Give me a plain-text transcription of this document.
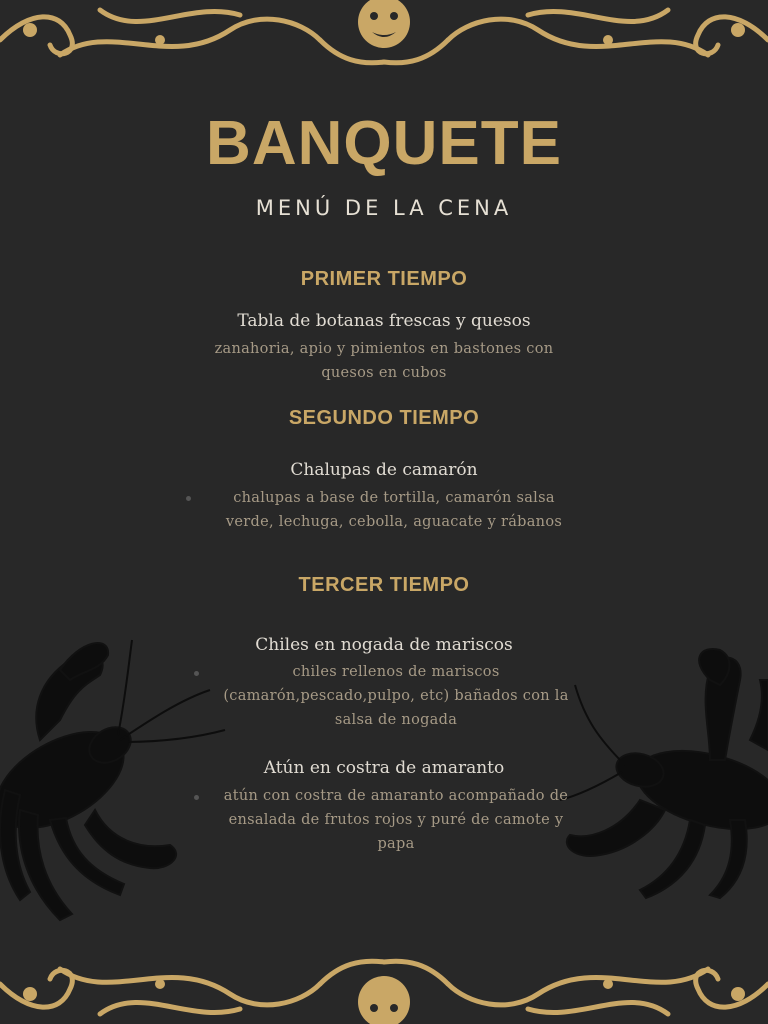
BANQUETE
MENÚ DE LA CENA
PRIMER TIEMPO
Tabla de botanas frescas y quesos
zanahoria, apio y pimientos en bastones con
quesos en cubos
SEGUNDO TIEMPO
Chalupas de camarón
chalupas a base de tortilla, camarón salsa
verde, lechuga, cebolla, aguacate y rábanos
TERCER TIEMPO
Chiles en nogada de mariscos
chiles rellenos de mariscos
(camarón,pescado,pulpo, etc) bañados con la
salsa de nogada
Atún en costra de amaranto
atún con costra de amaranto acompañado de
ensalada de frutos rojos y puré de camote y
papa
